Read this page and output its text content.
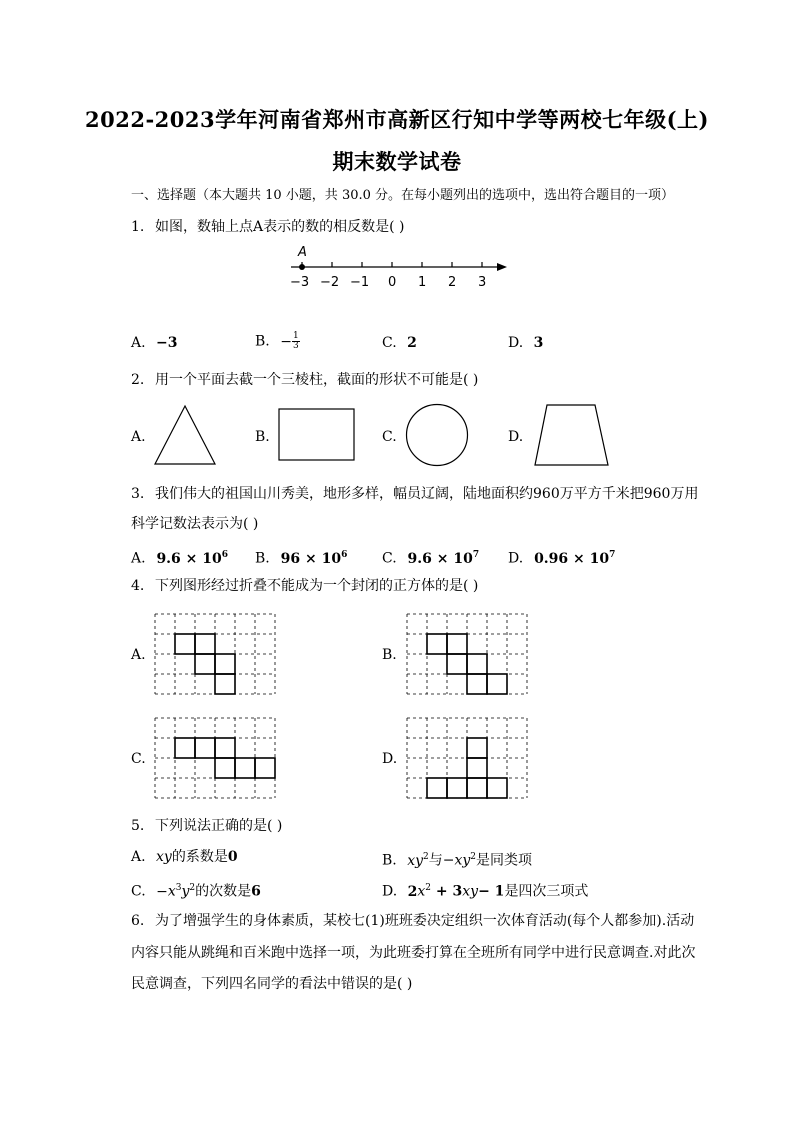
2022-2023学年河南省郑州市高新区行知中学等两校七年级(上)
期末数学试卷
一、选择题（本大题共 10 小题，共 30.0 分。在每小题列出的选项中，选出符合题目的一项）
1. 如图，数轴上点A表示的数的相反数是( )
A
−3 −2 −1 0 1 2 3
A. −3	B. − $\frac{1}{3}$	C. 2	D. 3
2. 用一个平面去截一个三棱柱，截面的形状不可能是( )
A.	B.	C.	D.
3. 我们伟大的祖国山川秀美，地形多样，幅员辽阔，陆地面积约960万平方千米把960万用
科学记数法表示为( )
A. $9.6 \times 10^6$ B. $96 \times 10^6$ C. $9.6 \times 10^7$ D. $0.96 \times 10^7$
4. 下列图形经过折叠不能成为一个封闭的正方体的是( )
A.	B.
C.	D.
5. 下列说法正确的是( )
A. xy的系数是0	B. $xy^2$与$-xy^2$是同类项
C. $-x^3y^2$的次数是6	D. $2x^2 + 3xy- 1$是四次三项式
6. 为了增强学生的身体素质，某校七(1)班班委决定组织一次体育活动(每个人都参加).活动
内容只能从跳绳和百米跑中选择一项，为此班委打算在全班所有同学中进行民意调查.对此次
民意调查，下列四名同学的看法中错误的是( )
